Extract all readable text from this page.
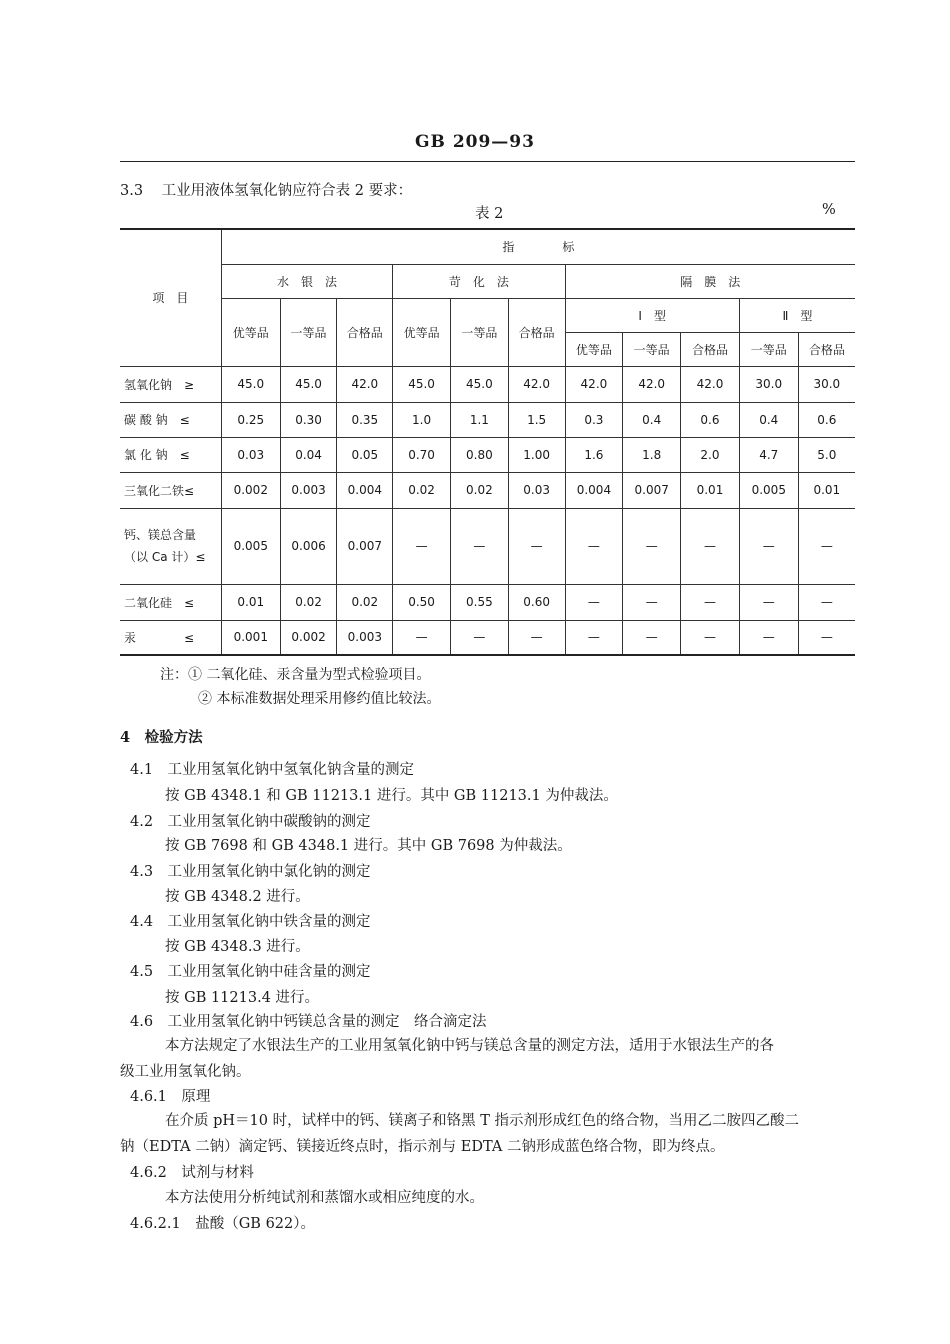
GB 209—93
3.3 工业用液体氢氧化钠应符合表 2 要求：
表 2	%
项　目	指　　　　标										
	水　银　法			苛　化　法			隔　膜　法				
	优等品	一等品	合格品	优等品	一等品	合格品	Ⅰ　型			Ⅱ　型	
							优等品	一等品	合格品	一等品	合格品
氢氧化钠　≥	45.0	45.0	42.0	45.0	45.0	42.0	42.0	42.0	42.0	30.0	30.0
碳 酸 钠　≤	0.25	0.30	0.35	1.0	1.1	1.5	0.3	0.4	0.6	0.4	0.6
氯 化 钠　≤	0.03	0.04	0.05	0.70	0.80	1.00	1.6	1.8	2.0	4.7	5.0
三氧化二铁≤	0.002	0.003	0.004	0.02	0.02	0.03	0.004	0.007	0.01	0.005	0.01

钙、镁总含量
（以 Ca 计）≤	0.005	0.006	0.007	—	—	—	—	—	—	—	—
二氧化硅　≤	0.01	0.02	0.02	0.50	0.55	0.60	—	—	—	—	—
汞　　　　≤	0.001	0.002	0.003	—	—	—	—	—	—	—	—
注：① 二氧化硅、汞含量为型式检验项目。
② 本标准数据处理采用修约值比较法。
4　检验方法
4.1　工业用氢氧化钠中氢氧化钠含量的测定
按 GB 4348.1 和 GB 11213.1 进行。其中 GB 11213.1 为仲裁法。
4.2　工业用氢氧化钠中碳酸钠的测定
按 GB 7698 和 GB 4348.1 进行。其中 GB 7698 为仲裁法。
4.3　工业用氢氧化钠中氯化钠的测定
按 GB 4348.2 进行。
4.4　工业用氢氧化钠中铁含量的测定
按 GB 4348.3 进行。
4.5　工业用氢氧化钠中硅含量的测定
按 GB 11213.4 进行。
4.6　工业用氢氧化钠中钙镁总含量的测定　络合滴定法
本方法规定了水银法生产的工业用氢氧化钠中钙与镁总含量的测定方法，适用于水银法生产的各
级工业用氢氧化钠。
4.6.1　原理
在介质 pH＝10 时，试样中的钙、镁离子和铬黑 T 指示剂形成红色的络合物，当用乙二胺四乙酸二
钠（EDTA 二钠）滴定钙、镁接近终点时，指示剂与 EDTA 二钠形成蓝色络合物，即为终点。
4.6.2　试剂与材料
本方法使用分析纯试剂和蒸馏水或相应纯度的水。
4.6.2.1　盐酸（GB 622）。
